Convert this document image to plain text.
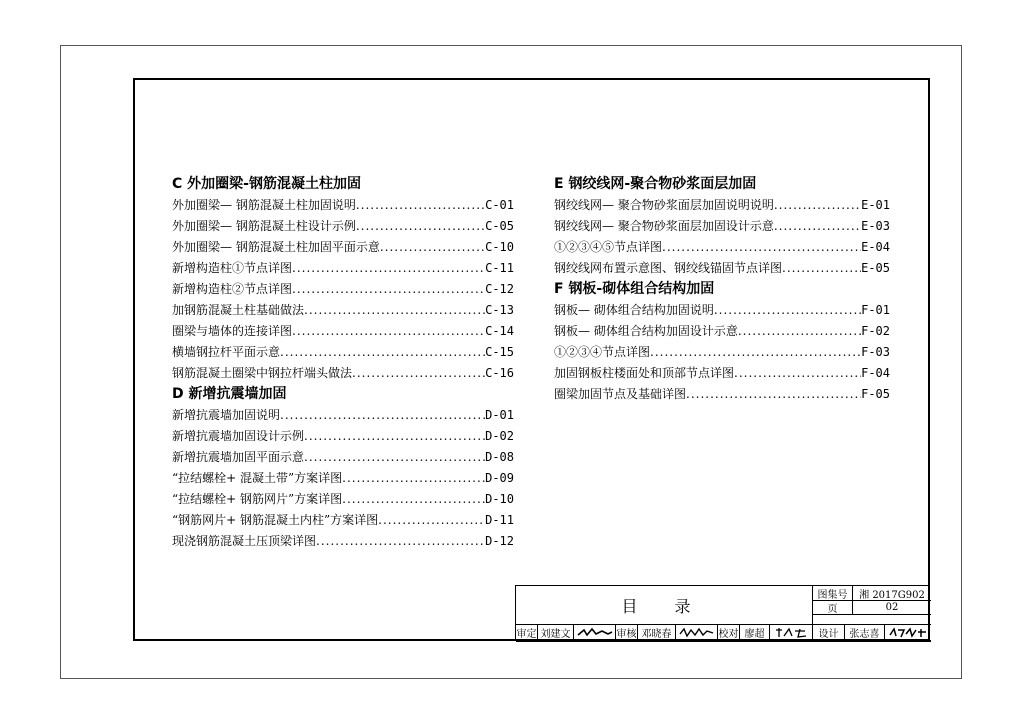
C 外加圈梁-钢筋混凝土柱加固
外加圈梁— 钢筋混凝土柱加固说明 .....	C-01
外加圈梁— 钢筋混凝土柱设计示例 .....	C-05
外加圈梁— 钢筋混凝土柱加固平面示意 .....	C-10
新增构造柱①节点详图 .....	C-11
新增构造柱②节点详图 .....	C-12
加钢筋混凝土柱基础做法 .....	C-13
圈梁与墙体的连接详图 .....	C-14
横墙钢拉杆平面示意 .....	C-15
钢筋混凝土圈梁中钢拉杆端头做法 .....	C-16
D 新增抗震墙加固
新增抗震墙加固说明 .....	D-01
新增抗震墙加固设计示例 .....	D-02
新增抗震墙加固平面示意 .....	D-08
“拉结螺栓+ 混凝土带”方案详图 .....	D-09
“拉结螺栓+ 钢筋网片”方案详图 .....	D-10
“钢筋网片+ 钢筋混凝土内柱”方案详图 .....	D-11
现浇钢筋混凝土压顶梁详图 .....	D-12
E 钢绞线网-聚合物砂浆面层加固
钢绞线网— 聚合物砂浆面层加固说明说明 .....	E-01
钢绞线网— 聚合物砂浆面层加固设计示意 .....	E-03
①②③④⑤节点详图 .....	E-04
钢绞线网布置示意图、钢绞线锚固节点详图 .....	E-05
F 钢板-砌体组合结构加固
钢板— 砌体组合结构加固说明 .....	F-01
钢板— 砌体组合结构加固设计示意 .....	F-02
①②③④节点详图 .....	F-03
加固钢板柱楼面处和顶部节点详图 .....	F-04
圈梁加固节点及基础详图 .....	F-05
目 录
图集号	湘 2017G902
页	02
审定 刘建文	审核 邓晓春	校对 廖超	设计	张志喜
